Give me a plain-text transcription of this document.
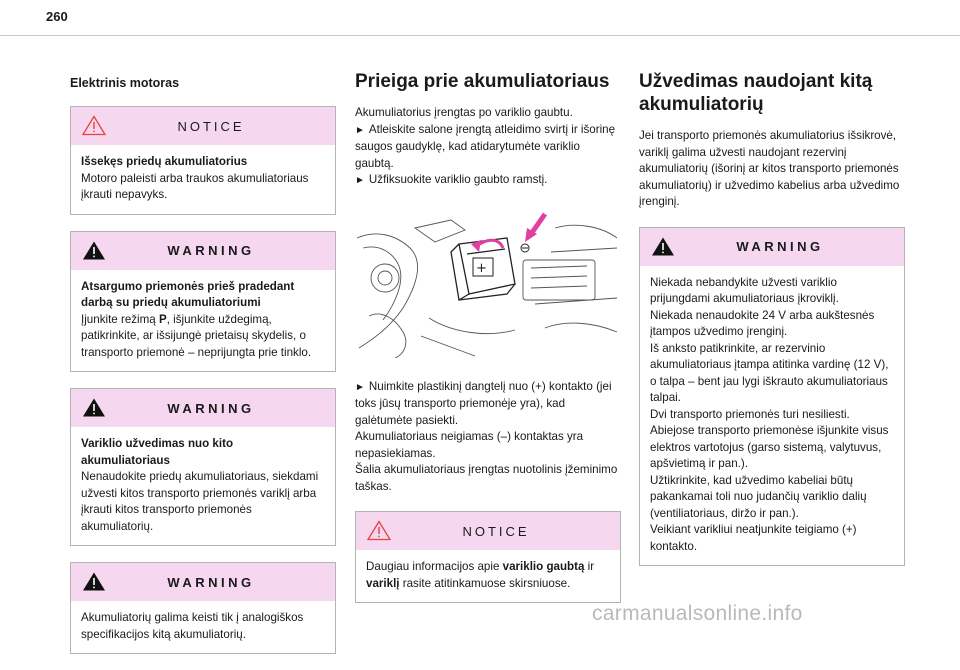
260
Elektrinis motoras
NOTICE
Išsekęs priedų akumuliatorius
Motoro paleisti arba traukos akumuliatoriaus įkrauti nepavyks.
WARNING
Atsargumo priemonės prieš pradedant darbą su priedų akumuliatoriumi
Įjunkite režimą P, išjunkite uždegimą, patikrinkite, ar išsijungė prietaisų skydelis, o transporto priemonė – neprijungta prie tinklo.
WARNING
Variklio užvedimas nuo kito akumuliatoriaus
Nenaudokite priedų akumuliatoriaus, siekdami užvesti kitos transporto priemonės variklį arba įkrauti kitos transporto priemonės akumuliatorių.
WARNING
Akumuliatorių galima keisti tik į analogiškos specifikacijos kitą akumuliatorių.
Prieiga prie akumuliatoriaus

Akumuliatorius įrengtas po variklio gaubtu.

► Atleiskite salone įrengtą atleidimo svirtį ir išorinę saugos gaudyklę, kad atidarytumėte variklio gaubtą.

► Užfiksuokite variklio gaubto ramstį.

+

► Nuimkite plastikinį dangtelį nuo (+) kontakto (jei toks jūsų transporto priemonėje yra), kad galėtumėte pasiekti.

Akumuliatoriaus neigiamas (–) kontaktas yra nepasiekiamas.

Šalia akumuliatoriaus įrengtas nuotolinis įžeminimo taškas.

NOTICE
Daugiau informacijos apie variklio gaubtą ir variklį rasite atitinkamuose skirsniuose.
Užvedimas naudojant kitą akumuliatorių

Jei transporto priemonės akumuliatorius išsikrovė, variklį galima užvesti naudojant rezervinį akumuliatorių (išorinį ar kitos transporto priemonės akumuliatorių) ir užvedimo kabelius arba užvedimo įrenginį.

WARNING
Niekada nebandykite užvesti variklio prijungdami akumuliatoriaus įkroviklį.
Niekada nenaudokite 24 V arba aukštesnės įtampos užvedimo įrenginį.
Iš anksto patikrinkite, ar rezervinio akumuliatoriaus įtampa atitinka vardinę (12 V), o talpa – bent jau lygi iškrauto akumuliatoriaus talpai.
Dvi transporto priemonės turi nesiliesti.
Abiejose transporto priemonėse išjunkite visus elektros vartotojus (garso sistemą, valytuvus, apšvietimą ir pan.).
Užtikrinkite, kad užvedimo kabeliai būtų pakankamai toli nuo judančių variklio dalių (ventiliatoriaus, diržo ir pan.).
Veikiant varikliui neatjunkite teigiamo (+) kontakto.
carmanualsonline.info
